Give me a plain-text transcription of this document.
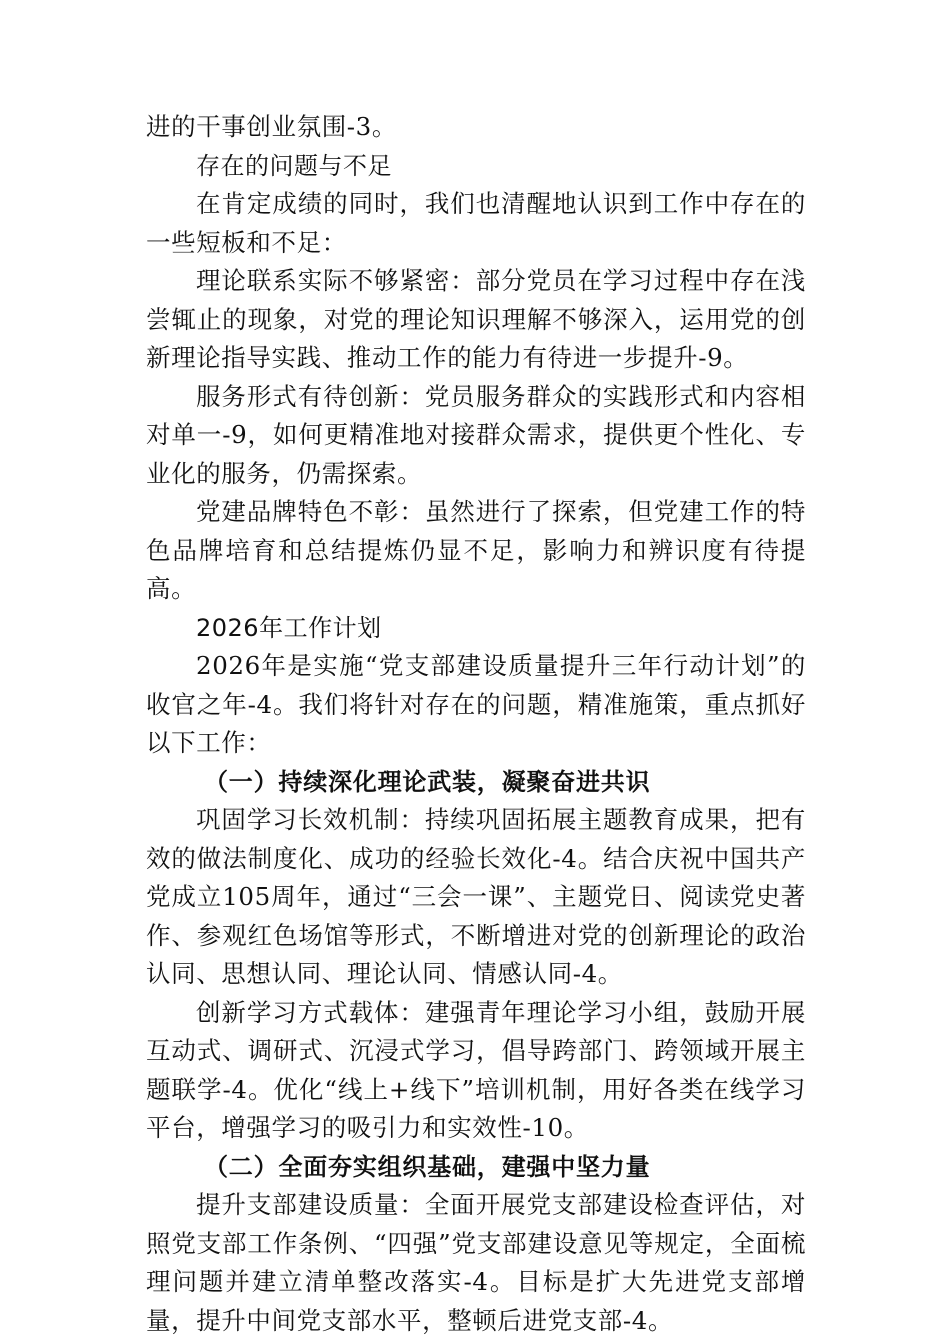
进的干事创业氛围-3。

存在的问题与不足

在肯定成绩的同时，我们也清醒地认识到工作中存在的一些短板和不足：

理论联系实际不够紧密：部分党员在学习过程中存在浅尝辄止的现象，对党的理论知识理解不够深入，运用党的创新理论指导实践、推动工作的能力有待进一步提升-9。

服务形式有待创新：党员服务群众的实践形式和内容相对单一-9，如何更精准地对接群众需求，提供更个性化、专业化的服务，仍需探索。

党建品牌特色不彰：虽然进行了探索，但党建工作的特色品牌培育和总结提炼仍显不足，影响力和辨识度有待提高。

2026年工作计划

2026年是实施“党支部建设质量提升三年行动计划”的收官之年-4。我们将针对存在的问题，精准施策，重点抓好以下工作：

（一）持续深化理论武装，凝聚奋进共识

巩固学习长效机制：持续巩固拓展主题教育成果，把有效的做法制度化、成功的经验长效化-4。结合庆祝中国共产党成立105周年，通过“三会一课”、主题党日、阅读党史著作、参观红色场馆等形式，不断增进对党的创新理论的政治认同、思想认同、理论认同、情感认同-4。

创新学习方式载体：建强青年理论学习小组，鼓励开展互动式、调研式、沉浸式学习，倡导跨部门、跨领域开展主题联学-4。优化“线上+线下”培训机制，用好各类在线学习平台，增强学习的吸引力和实效性-10。

（二）全面夯实组织基础，建强中坚力量

提升支部建设质量：全面开展党支部建设检查评估，对照党支部工作条例、“四强”党支部建设意见等规定，全面梳理问题并建立清单整改落实-4。目标是扩大先进党支部增量，提升中间党支部水平，整顿后进党支部-4。
